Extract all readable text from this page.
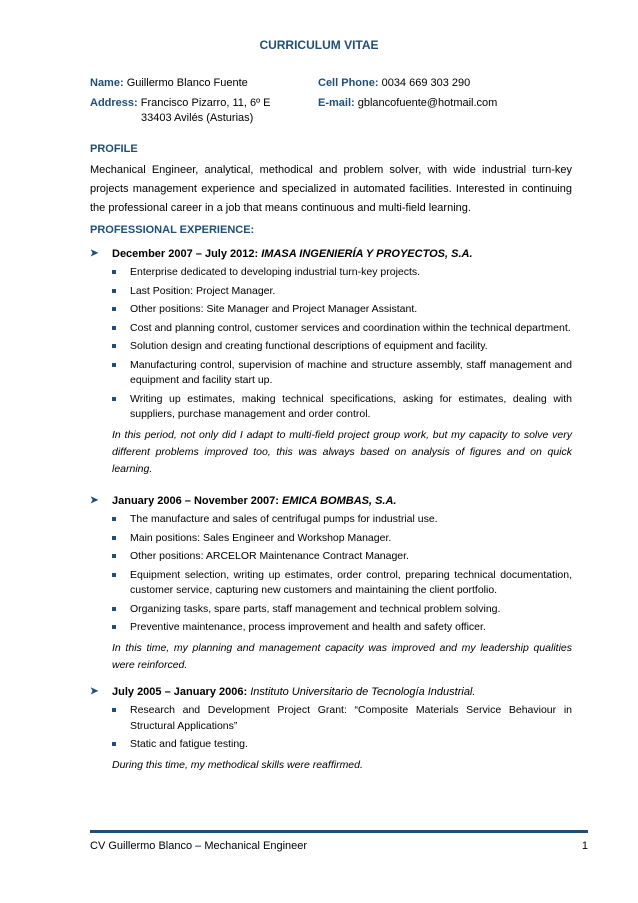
CURRICULUM VITAE
Name: Guillermo Blanco Fuente	Cell Phone: 0034 669 303 290
Address: Francisco Pizarro, 11, 6º E
33403 Avilés (Asturias)
E-mail: gblancofuente@hotmail.com
PROFILE
Mechanical Engineer, analytical, methodical and problem solver, with wide industrial turn-key projects management experience and specialized in automated facilities. Interested in continuing the professional career in a job that means continuous and multi-field learning.
PROFESSIONAL EXPERIENCE:
➤ December 2007 – July 2012: IMASA INGENIERÍA Y PROYECTOS, S.A.
Enterprise dedicated to developing industrial turn-key projects.
Last Position: Project Manager.
Other positions: Site Manager and Project Manager Assistant.
Cost and planning control, customer services and coordination within the technical department.
Solution design and creating functional descriptions of equipment and facility.
Manufacturing control, supervision of machine and structure assembly, staff management and equipment and facility start up.
Writing up estimates, making technical specifications, asking for estimates, dealing with suppliers, purchase management and order control.
In this period, not only did I adapt to multi-field project group work, but my capacity to solve very different problems improved too, this was always based on analysis of figures and on quick learning.
➤ January 2006 – November 2007: EMICA BOMBAS, S.A.
The manufacture and sales of centrifugal pumps for industrial use.
Main positions: Sales Engineer and Workshop Manager.
Other positions: ARCELOR Maintenance Contract Manager.
Equipment selection, writing up estimates, order control, preparing technical documentation, customer service, capturing new customers and maintaining the client portfolio.
Organizing tasks, spare parts, staff management and technical problem solving.
Preventive maintenance, process improvement and health and safety officer.
In this time, my planning and management capacity was improved and my leadership qualities were reinforced.
➤ July 2005 – January 2006: Instituto Universitario de Tecnología Industrial.
Research and Development Project Grant: “Composite Materials Service Behaviour in Structural Applications”
Static and fatigue testing.
During this time, my methodical skills were reaffirmed.
CV Guillermo Blanco – Mechanical Engineer	1
